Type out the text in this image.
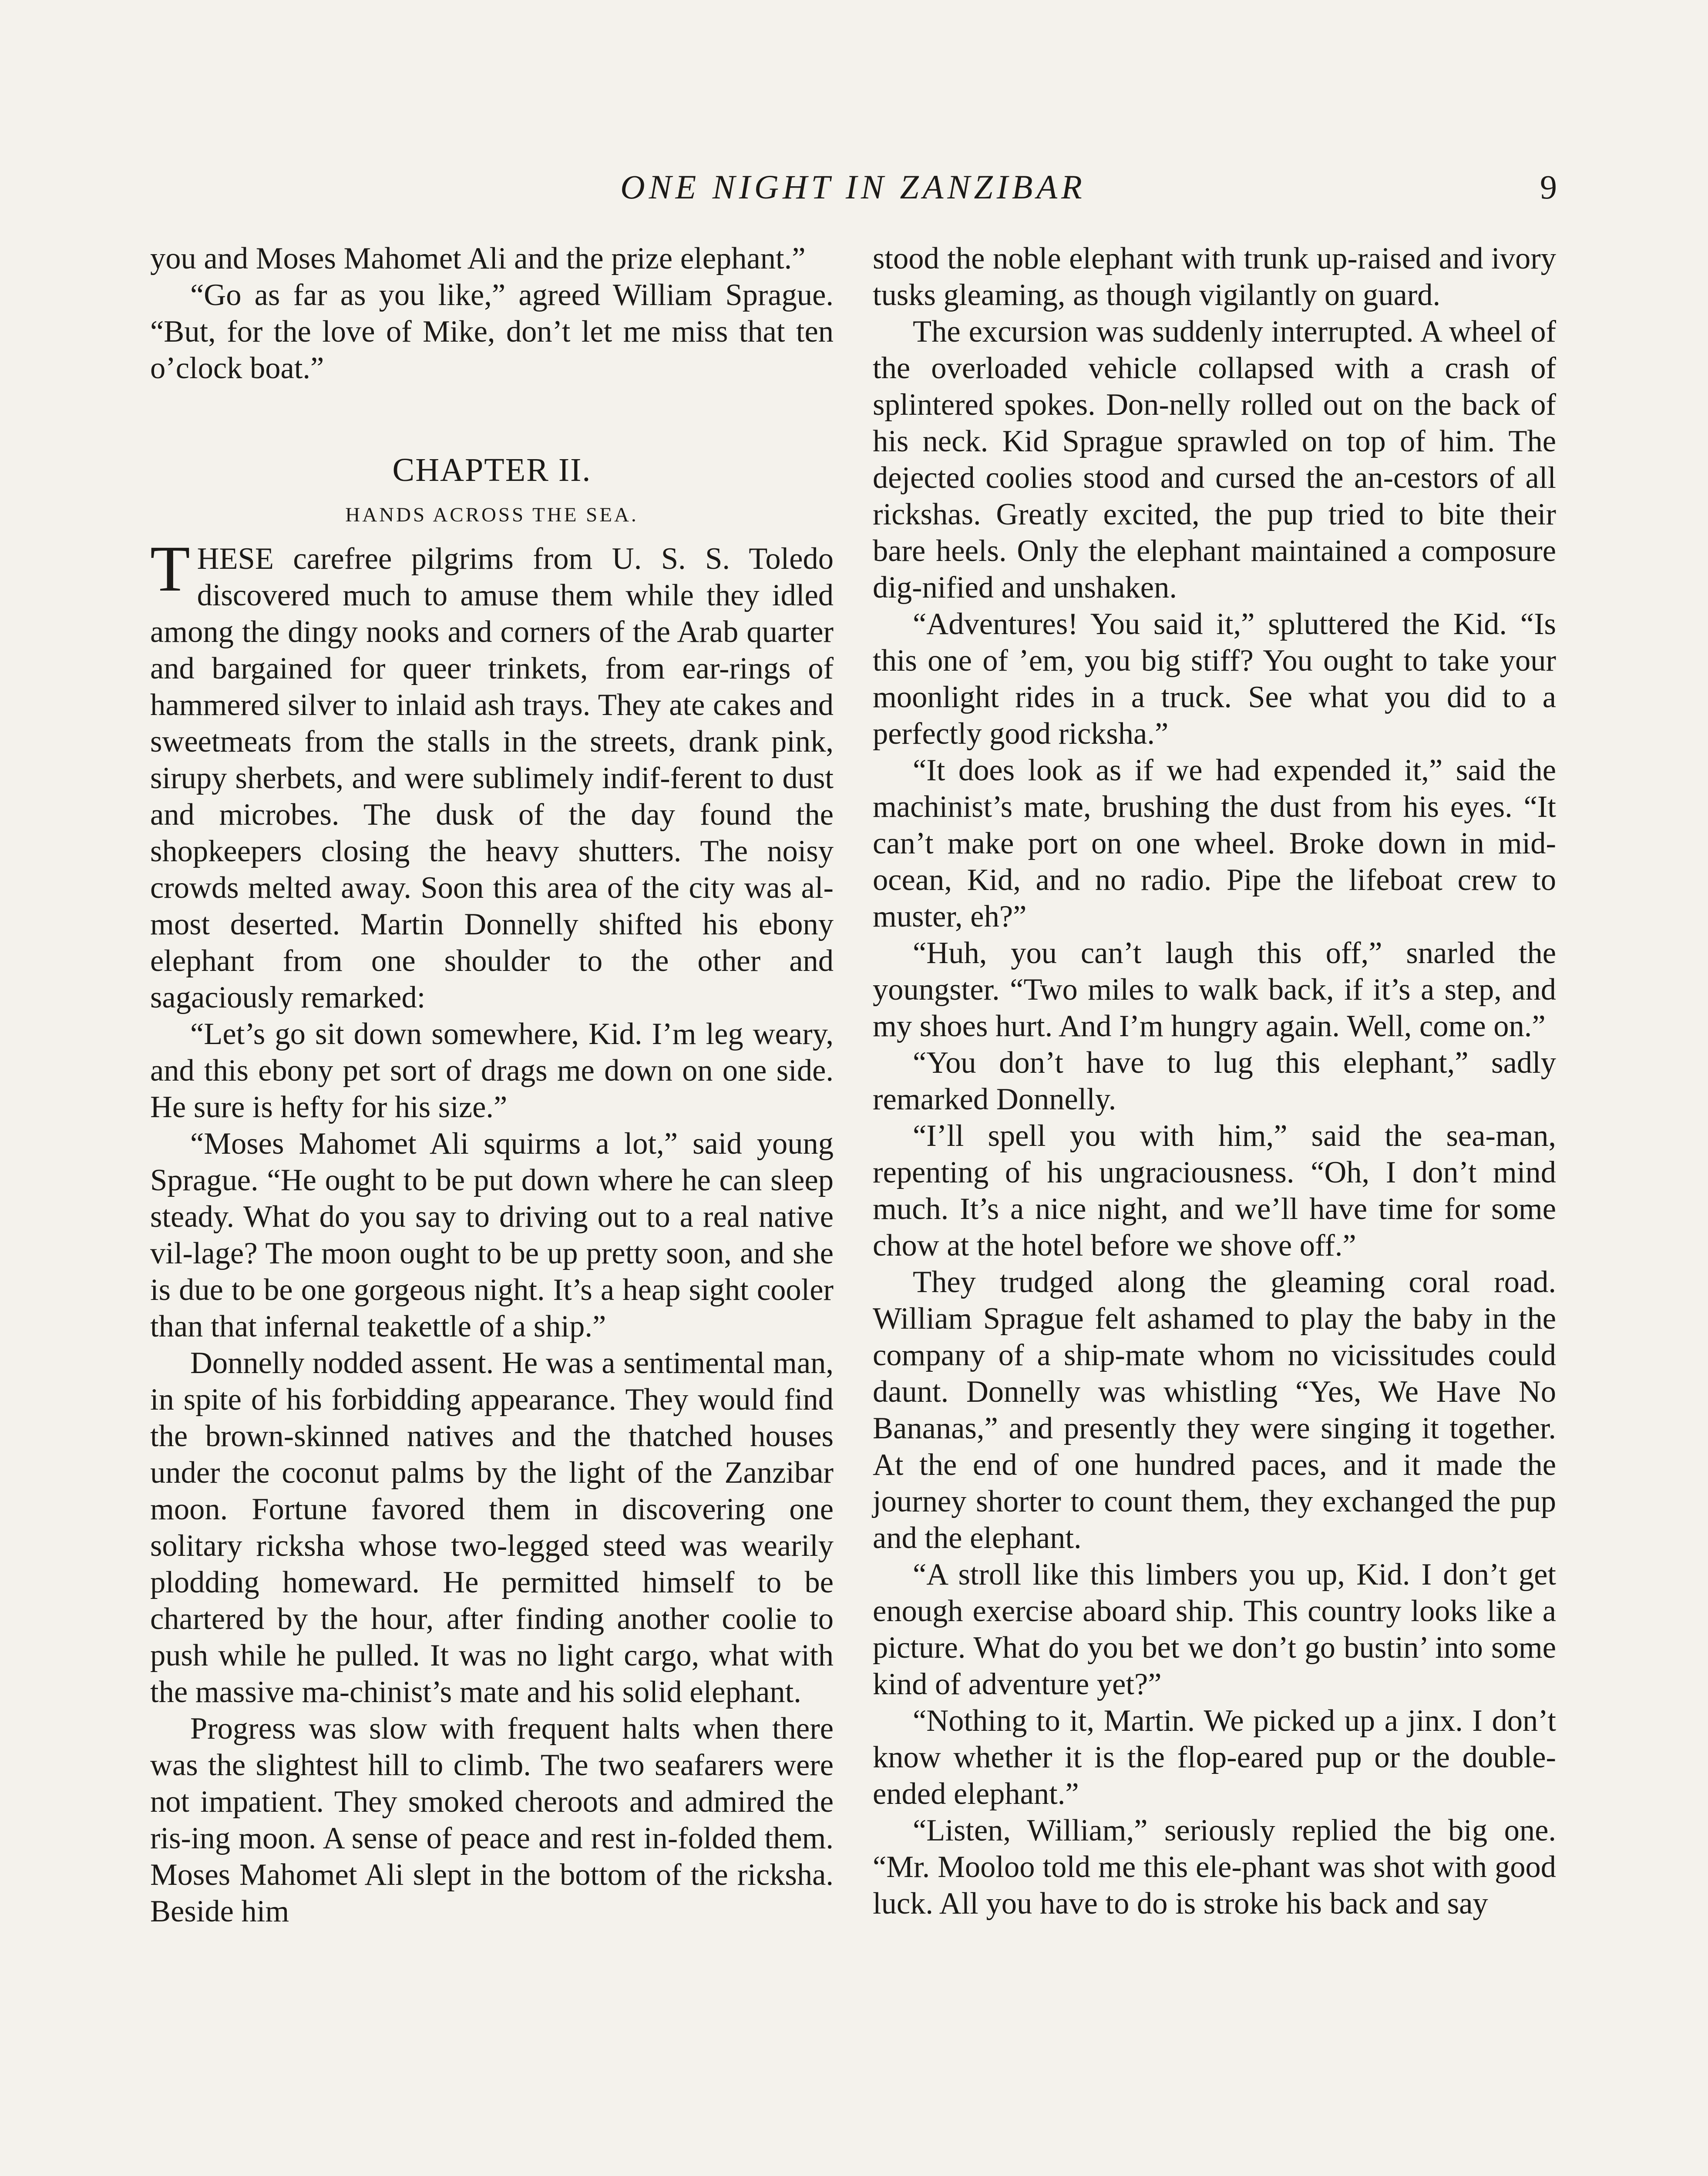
ONE NIGHT IN ZANZIBAR	9

you and Moses Mahomet Ali and the prize elephant.”

“Go as far as you like,” agreed William Sprague. “But, for the love of Mike, don’t let me miss that ten o’clock boat.”

CHAPTER II.
HANDS ACROSS THE SEA.

THESE carefree pilgrims from U. S. S. Toledo discovered much to amuse them while they idled among the dingy nooks and corners of the Arab quarter and bargained for queer trinkets, from ear-rings of hammered silver to inlaid ash trays. They ate cakes and sweetmeats from the stalls in the streets, drank pink, sirupy sherbets, and were sublimely indif-ferent to dust and microbes. The dusk of the day found the shopkeepers closing the heavy shutters. The noisy crowds melted away. Soon this area of the city was al-most deserted. Martin Donnelly shifted his ebony elephant from one shoulder to the other and sagaciously remarked:

“Let’s go sit down somewhere, Kid. I’m leg weary, and this ebony pet sort of drags me down on one side. He sure is hefty for his size.”

“Moses Mahomet Ali squirms a lot,” said young Sprague. “He ought to be put down where he can sleep steady. What do you say to driving out to a real native vil-lage? The moon ought to be up pretty soon, and she is due to be one gorgeous night. It’s a heap sight cooler than that infernal teakettle of a ship.”

Donnelly nodded assent. He was a sentimental man, in spite of his forbidding appearance. They would find the brown-skinned natives and the thatched houses under the coconut palms by the light of the Zanzibar moon. Fortune favored them in discovering one solitary ricksha whose two-legged steed was wearily plodding homeward. He permitted himself to be chartered by the hour, after finding another coolie to push while he pulled. It was no light cargo, what with the massive ma-chinist’s mate and his solid elephant.

Progress was slow with frequent halts when there was the slightest hill to climb. The two seafarers were not impatient. They smoked cheroots and admired the ris-ing moon. A sense of peace and rest in-folded them. Moses Mahomet Ali slept in the bottom of the ricksha. Beside him

stood the noble elephant with trunk up-raised and ivory tusks gleaming, as though vigilantly on guard.

The excursion was suddenly interrupted. A wheel of the overloaded vehicle collapsed with a crash of splintered spokes. Don-nelly rolled out on the back of his neck. Kid Sprague sprawled on top of him. The dejected coolies stood and cursed the an-cestors of all rickshas. Greatly excited, the pup tried to bite their bare heels. Only the elephant maintained a composure dig-nified and unshaken.

“Adventures! You said it,” spluttered the Kid. “Is this one of ’em, you big stiff? You ought to take your moonlight rides in a truck. See what you did to a perfectly good ricksha.”

“It does look as if we had expended it,” said the machinist’s mate, brushing the dust from his eyes. “It can’t make port on one wheel. Broke down in mid-ocean, Kid, and no radio. Pipe the lifeboat crew to muster, eh?”

“Huh, you can’t laugh this off,” snarled the youngster. “Two miles to walk back, if it’s a step, and my shoes hurt. And I’m hungry again. Well, come on.”

“You don’t have to lug this elephant,” sadly remarked Donnelly.

“I’ll spell you with him,” said the sea-man, repenting of his ungraciousness. “Oh, I don’t mind much. It’s a nice night, and we’ll have time for some chow at the hotel before we shove off.”

They trudged along the gleaming coral road. William Sprague felt ashamed to play the baby in the company of a ship-mate whom no vicissitudes could daunt. Donnelly was whistling “Yes, We Have No Bananas,” and presently they were singing it together. At the end of one hundred paces, and it made the journey shorter to count them, they exchanged the pup and the elephant.

“A stroll like this limbers you up, Kid. I don’t get enough exercise aboard ship. This country looks like a picture. What do you bet we don’t go bustin’ into some kind of adventure yet?”

“Nothing to it, Martin. We picked up a jinx. I don’t know whether it is the flop-eared pup or the double-ended elephant.”

“Listen, William,” seriously replied the big one. “Mr. Mooloo told me this ele-phant was shot with good luck. All you have to do is stroke his back and say
